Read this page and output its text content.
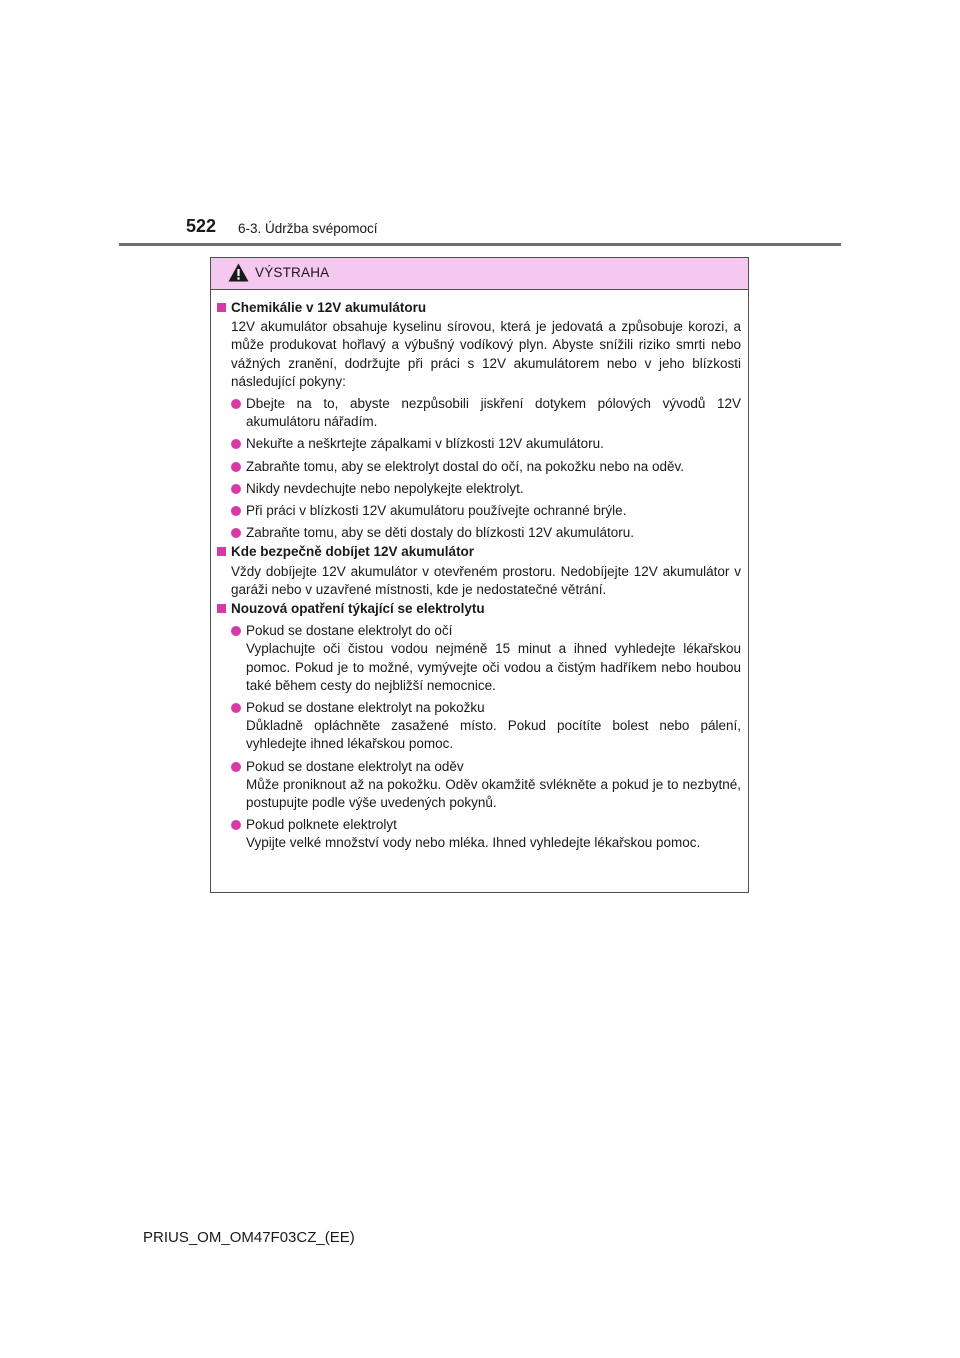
522 6-3. Údržba svépomocí
VÝSTRAHA
Chemikálie v 12V akumulátoru
12V akumulátor obsahuje kyselinu sírovou, která je jedovatá a způsobuje korozi, a může produkovat hořlavý a výbušný vodíkový plyn. Abyste snížili riziko smrti nebo vážných zranění, dodržujte při práci s 12V akumulátorem nebo v jeho blízkosti následující pokyny:
Dbejte na to, abyste nezpůsobili jiskření dotykem pólových vývodů 12V akumulátoru nářadím.
Nekuřte a neškrtejte zápalkami v blízkosti 12V akumulátoru.
Zabraňte tomu, aby se elektrolyt dostal do očí, na pokožku nebo na oděv.
Nikdy nevdechujte nebo nepolykejte elektrolyt.
Při práci v blízkosti 12V akumulátoru používejte ochranné brýle.
Zabraňte tomu, aby se děti dostaly do blízkosti 12V akumulátoru.
Kde bezpečně dobíjet 12V akumulátor
Vždy dobíjejte 12V akumulátor v otevřeném prostoru. Nedobíjejte 12V akumulátor v garáži nebo v uzavřené místnosti, kde je nedostatečné větrání.
Nouzová opatření týkající se elektrolytu
Pokud se dostane elektrolyt do očí
Vyplachujte oči čistou vodou nejméně 15 minut a ihned vyhledejte lékařskou pomoc. Pokud je to možné, vymývejte oči vodou a čistým hadříkem nebo houbou také během cesty do nejbližší nemocnice.
Pokud se dostane elektrolyt na pokožku
Důkladně opláchněte zasažené místo. Pokud pocítíte bolest nebo pálení, vyhledejte ihned lékařskou pomoc.
Pokud se dostane elektrolyt na oděv
Může proniknout až na pokožku. Oděv okamžitě svlékněte a pokud je to nezbytné, postupujte podle výše uvedených pokynů.
Pokud polknete elektrolyt
Vypijte velké množství vody nebo mléka. Ihned vyhledejte lékařskou pomoc.
PRIUS_OM_OM47F03CZ_(EE)
